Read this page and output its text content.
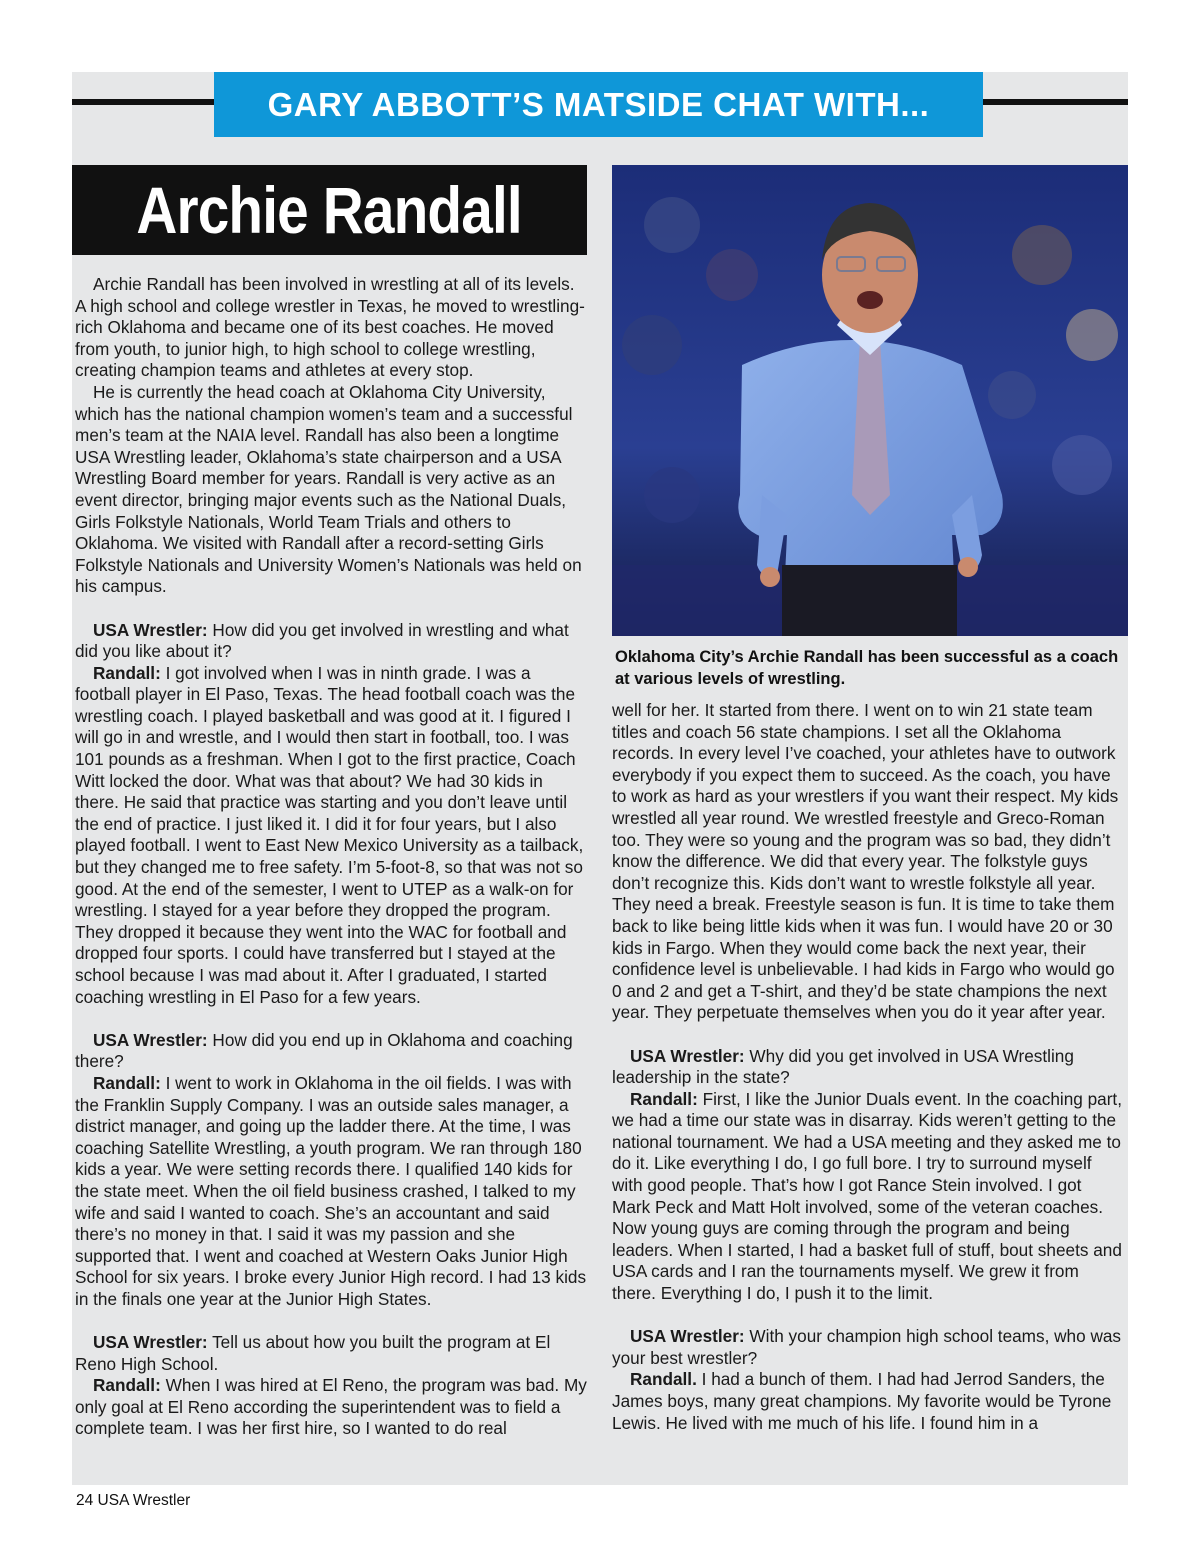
GARY ABBOTT’S MATSIDE CHAT WITH...
Archie Randall

Archie Randall has been involved in wrestling at all of its levels. A high school and college wrestler in Texas, he moved to wrestling-rich Oklahoma and became one of its best coaches. He moved from youth, to junior high, to high school to college wrestling, creating champion teams and athletes at every stop.

He is currently the head coach at Oklahoma City University, which has the national champion women’s team and a successful men’s team at the NAIA level. Randall has also been a longtime USA Wrestling leader, Oklahoma’s state chairperson and a USA Wrestling Board member for years. Randall is very active as an event director, bringing major events such as the National Duals, Girls Folkstyle Nationals, World Team Trials and others to Oklahoma. We visited with Randall after a record-setting Girls Folkstyle Nationals and University Women’s Nationals was held on his campus.

USA Wrestler: How did you get involved in wrestling and what did you like about it?

Randall: I got involved when I was in ninth grade. I was a football player in El Paso, Texas. The head football coach was the wrestling coach. I played basketball and was good at it. I figured I will go in and wrestle, and I would then start in football, too. I was 101 pounds as a freshman. When I got to the first practice, Coach Witt locked the door. What was that about? We had 30 kids in there. He said that practice was starting and you don’t leave until the end of practice. I just liked it. I did it for four years, but I also played football. I went to East New Mexico University as a tailback, but they changed me to free safety. I’m 5-foot-8, so that was not so good. At the end of the semester, I went to UTEP as a walk-on for wrestling. I stayed for a year before they dropped the program. They dropped it because they went into the WAC for football and dropped four sports. I could have transferred but I stayed at the school because I was mad about it. After I graduated, I started coaching wrestling in El Paso for a few years.

USA Wrestler: How did you end up in Oklahoma and coaching there?

Randall: I went to work in Oklahoma in the oil fields. I was with the Franklin Supply Company. I was an outside sales manager, a district manager, and going up the ladder there. At the time, I was coaching Satellite Wrestling, a youth program. We ran through 180 kids a year. We were setting records there. I qualified 140 kids for the state meet. When the oil field business crashed, I talked to my wife and said I wanted to coach. She’s an accountant and said there’s no money in that. I said it was my passion and she supported that. I went and coached at Western Oaks Junior High School for six years. I broke every Junior High record. I had 13 kids in the finals one year at the Junior High States.

USA Wrestler: Tell us about how you built the program at El Reno High School.

Randall: When I was hired at El Reno, the program was bad. My only goal at El Reno according the superintendent was to field a complete team. I was her first hire, so I wanted to do real

Oklahoma City’s Archie Randall has been successful as a coach at various levels of wrestling.

well for her. It started from there. I went on to win 21 state team titles and coach 56 state champions. I set all the Oklahoma records. In every level I’ve coached, your athletes have to outwork everybody if you expect them to succeed. As the coach, you have to work as hard as your wrestlers if you want their respect. My kids wrestled all year round. We wrestled freestyle and Greco-Roman too. They were so young and the program was so bad, they didn’t know the difference. We did that every year. The folkstyle guys don’t recognize this. Kids don’t want to wrestle folkstyle all year. They need a break. Freestyle season is fun. It is time to take them back to like being little kids when it was fun. I would have 20 or 30 kids in Fargo. When they would come back the next year, their confidence level is unbelievable. I had kids in Fargo who would go 0 and 2 and get a T-shirt, and they’d be state champions the next year. They perpetuate themselves when you do it year after year.

USA Wrestler: Why did you get involved in USA Wrestling leadership in the state?

Randall: First, I like the Junior Duals event. In the coaching part, we had a time our state was in disarray. Kids weren’t getting to the national tournament. We had a USA meeting and they asked me to do it. Like everything I do, I go full bore. I try to surround myself with good people. That’s how I got Rance Stein involved. I got Mark Peck and Matt Holt involved, some of the veteran coaches. Now young guys are coming through the program and being leaders. When I started, I had a basket full of stuff, bout sheets and USA cards and I ran the tournaments myself. We grew it from there. Everything I do, I push it to the limit.

USA Wrestler: With your champion high school teams, who was your best wrestler?

Randall. I had a bunch of them. I had had Jerrod Sanders, the James boys, many great champions. My favorite would be Tyrone Lewis. He lived with me much of his life. I found him in a

24 USA Wrestler
